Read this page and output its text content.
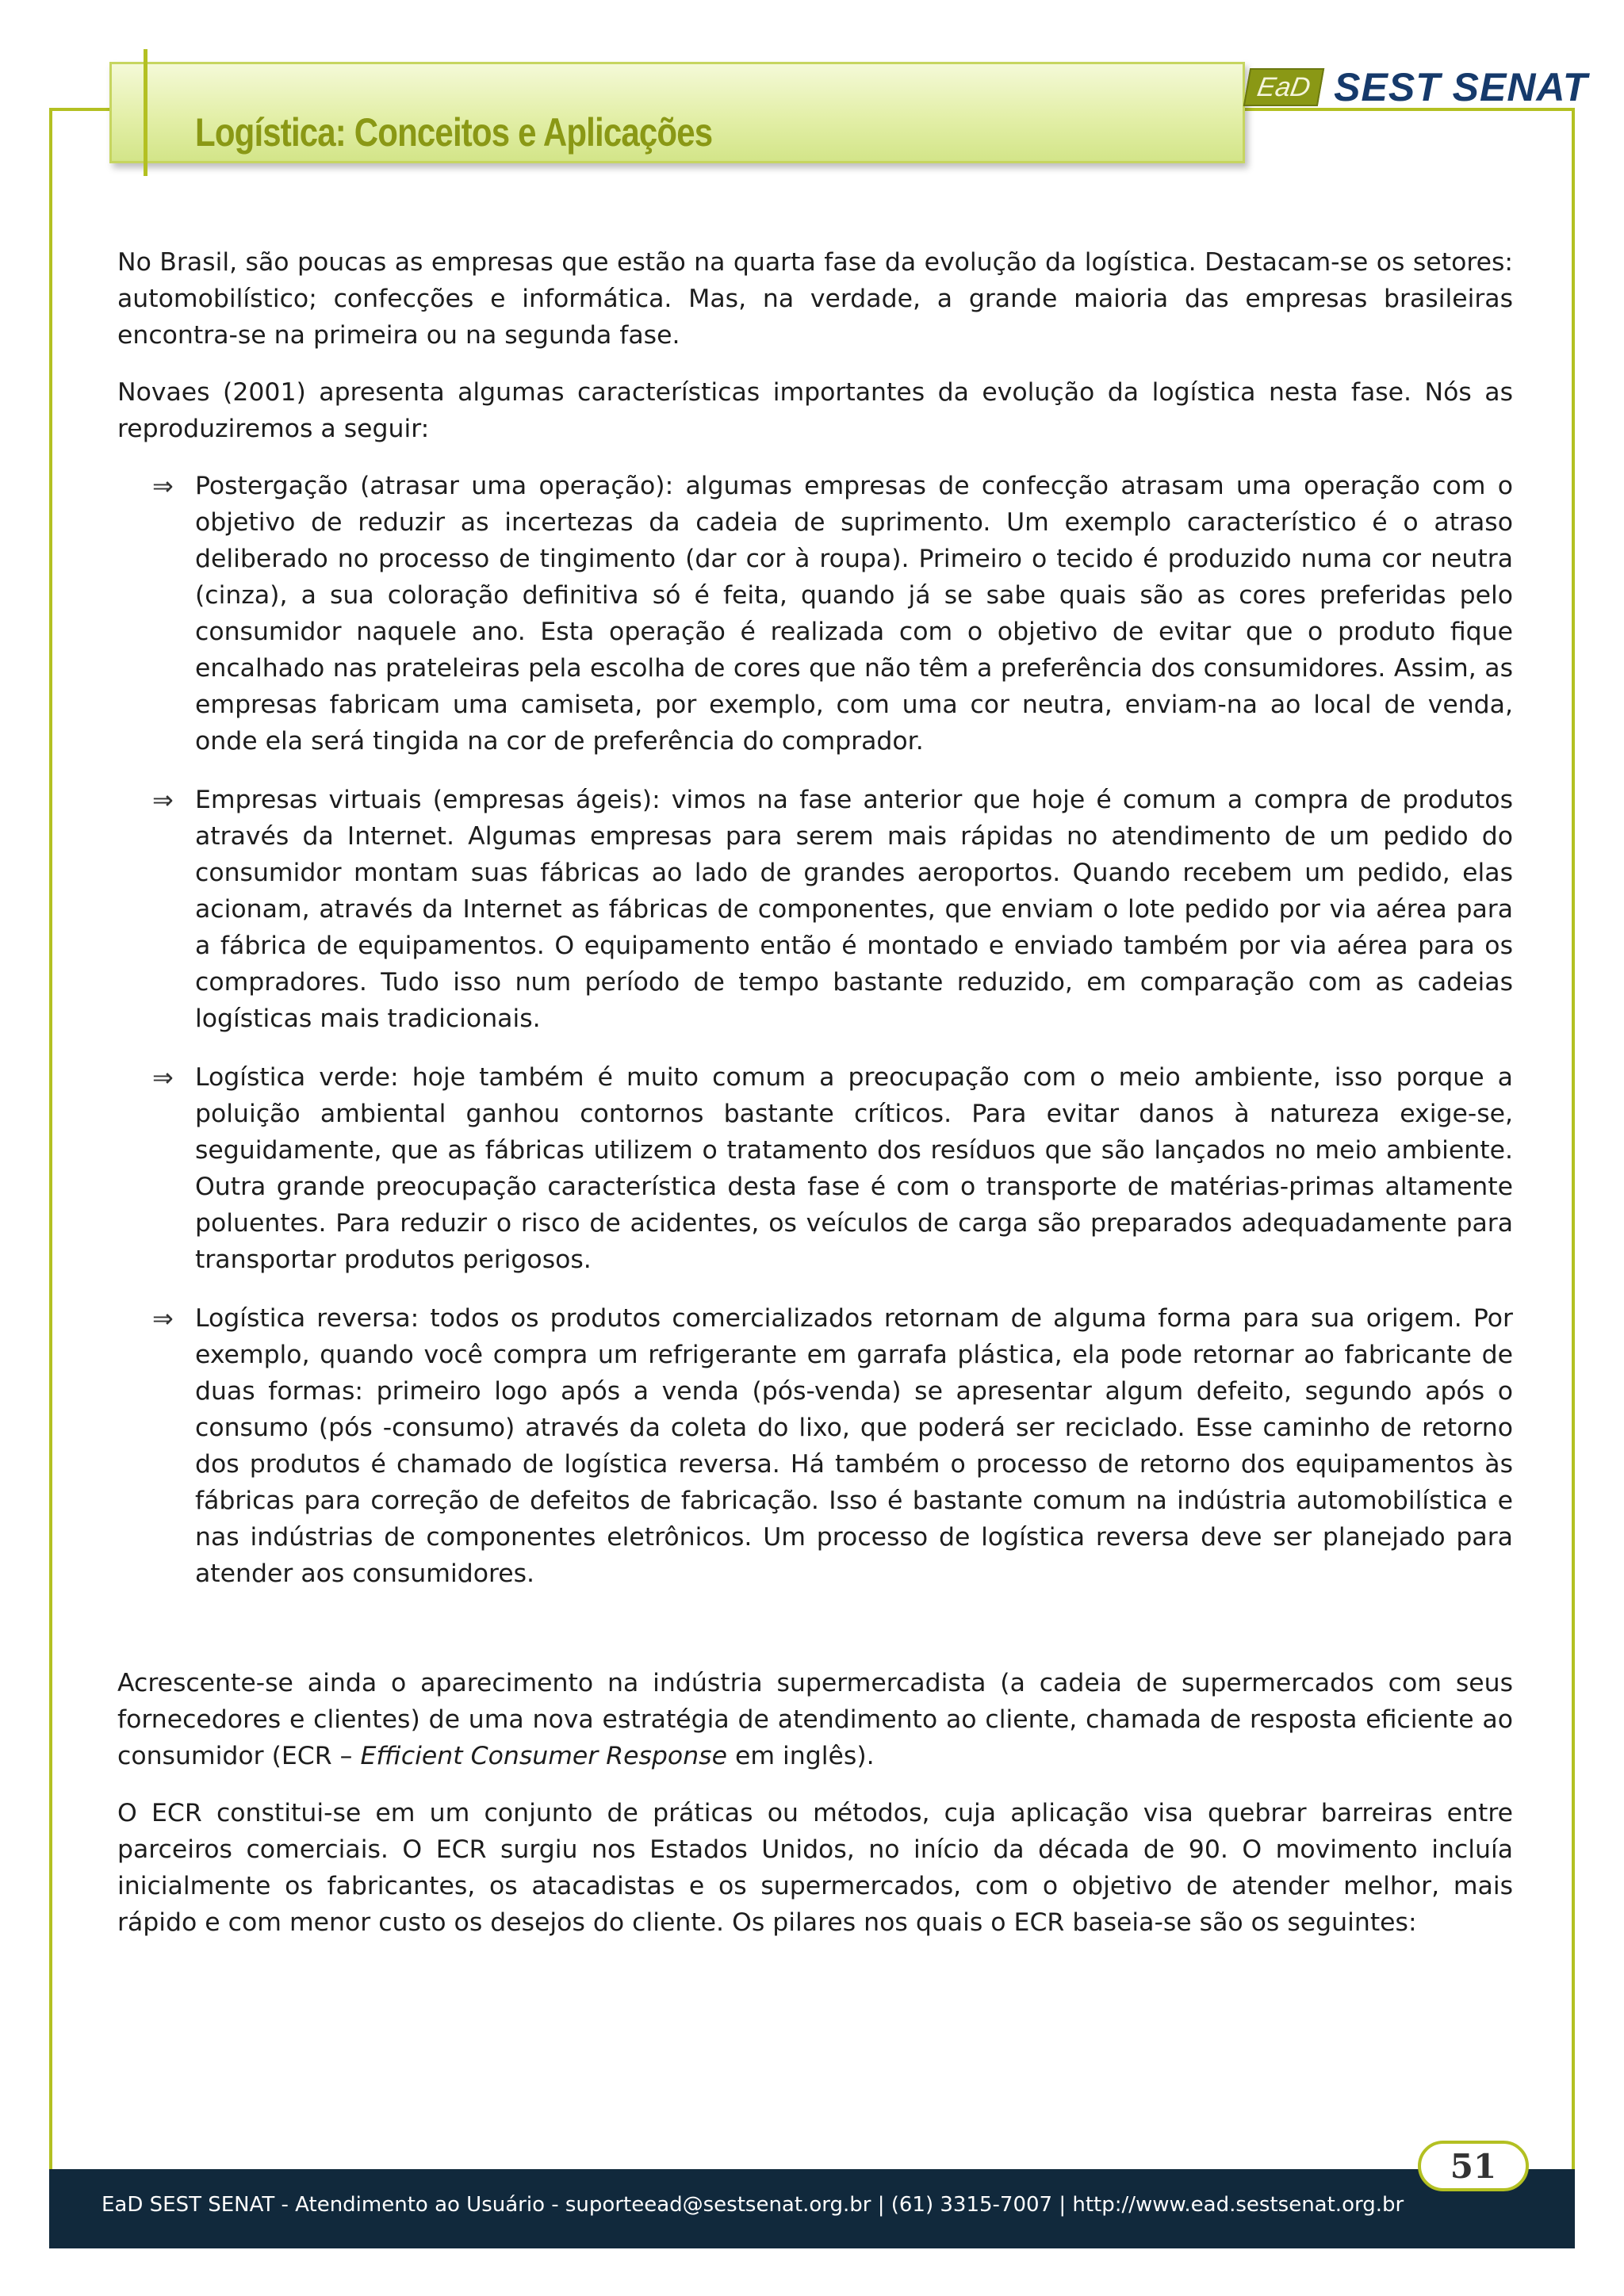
Logística: Conceitos e Aplicações
EaD SEST SENAT

No Brasil, são poucas as empresas que estão na quarta fase da evolução da logística. Destacam-se os setores: automobilístico; confecções e informática. Mas, na verdade, a grande maioria das empresas brasileiras encontra-se na primeira ou na segunda fase.

Novaes (2001) apresenta algumas características importantes da evolução da logística nesta fase. Nós as reproduziremos a seguir:

⇒ Postergação (atrasar uma operação): algumas empresas de confecção atrasam uma operação com o objetivo de reduzir as incertezas da cadeia de suprimento. Um exemplo característico é o atraso deliberado no processo de tingimento (dar cor à roupa). Primeiro o tecido é produzido numa cor neutra (cinza), a sua coloração definitiva só é feita, quando já se sabe quais são as cores preferidas pelo consumidor naquele ano. Esta operação é realizada com o objetivo de evitar que o produto fique encalhado nas prateleiras pela escolha de cores que não têm a preferência dos consumidores. Assim, as empresas fabricam uma camiseta, por exemplo, com uma cor neutra, enviam-na ao local de venda, onde ela será tingida na cor de preferência do comprador.
⇒ Empresas virtuais (empresas ágeis): vimos na fase anterior que hoje é comum a compra de produtos através da Internet. Algumas empresas para serem mais rápidas no atendimento de um pedido do consumidor montam suas fábricas ao lado de grandes aeroportos. Quando recebem um pedido, elas acionam, através da Internet as fábricas de componentes, que enviam o lote pedido por via aérea para a fábrica de equipamentos. O equipamento então é montado e enviado também por via aérea para os compradores. Tudo isso num período de tempo bastante reduzido, em comparação com as cadeias logísticas mais tradicionais.
⇒ Logística verde: hoje também é muito comum a preocupação com o meio ambiente, isso porque a poluição ambiental ganhou contornos bastante críticos. Para evitar danos à natureza exige-se, seguidamente, que as fábricas utilizem o tratamento dos resíduos que são lançados no meio ambiente. Outra grande preocupação característica desta fase é com o transporte de matérias-primas altamente poluentes. Para reduzir o risco de acidentes, os veículos de carga são preparados adequadamente para transportar produtos perigosos.
⇒ Logística reversa: todos os produtos comercializados retornam de alguma forma para sua origem. Por exemplo, quando você compra um refrigerante em garrafa plástica, ela pode retornar ao fabricante de duas formas: primeiro logo após a venda (pós-venda) se apresentar algum defeito, segundo após o consumo (pós -consumo) através da coleta do lixo, que poderá ser reciclado. Esse caminho de retorno dos produtos é chamado de logística reversa. Há também o processo de retorno dos equipamentos às fábricas para correção de defeitos de fabricação. Isso é bastante comum na indústria automobilística e nas indústrias de componentes eletrônicos. Um processo de logística reversa deve ser planejado para atender aos consumidores.

Acrescente-se ainda o aparecimento na indústria supermercadista (a cadeia de supermercados com seus fornecedores e clientes) de uma nova estratégia de atendimento ao cliente, chamada de resposta eficiente ao consumidor (ECR – Efficient Consumer Response em inglês).

O ECR constitui-se em um conjunto de práticas ou métodos, cuja aplicação visa quebrar barreiras entre parceiros comerciais. O ECR surgiu nos Estados Unidos, no início da década de 90. O movimento incluía inicialmente os fabricantes, os atacadistas e os supermercados, com o objetivo de atender melhor, mais rápido e com menor custo os desejos do cliente. Os pilares nos quais o ECR baseia-se são os seguintes:

EaD SEST SENAT - Atendimento ao Usuário - suporteead@sestsenat.org.br | (61) 3315-7007 | http://www.ead.sestsenat.org.br
51
